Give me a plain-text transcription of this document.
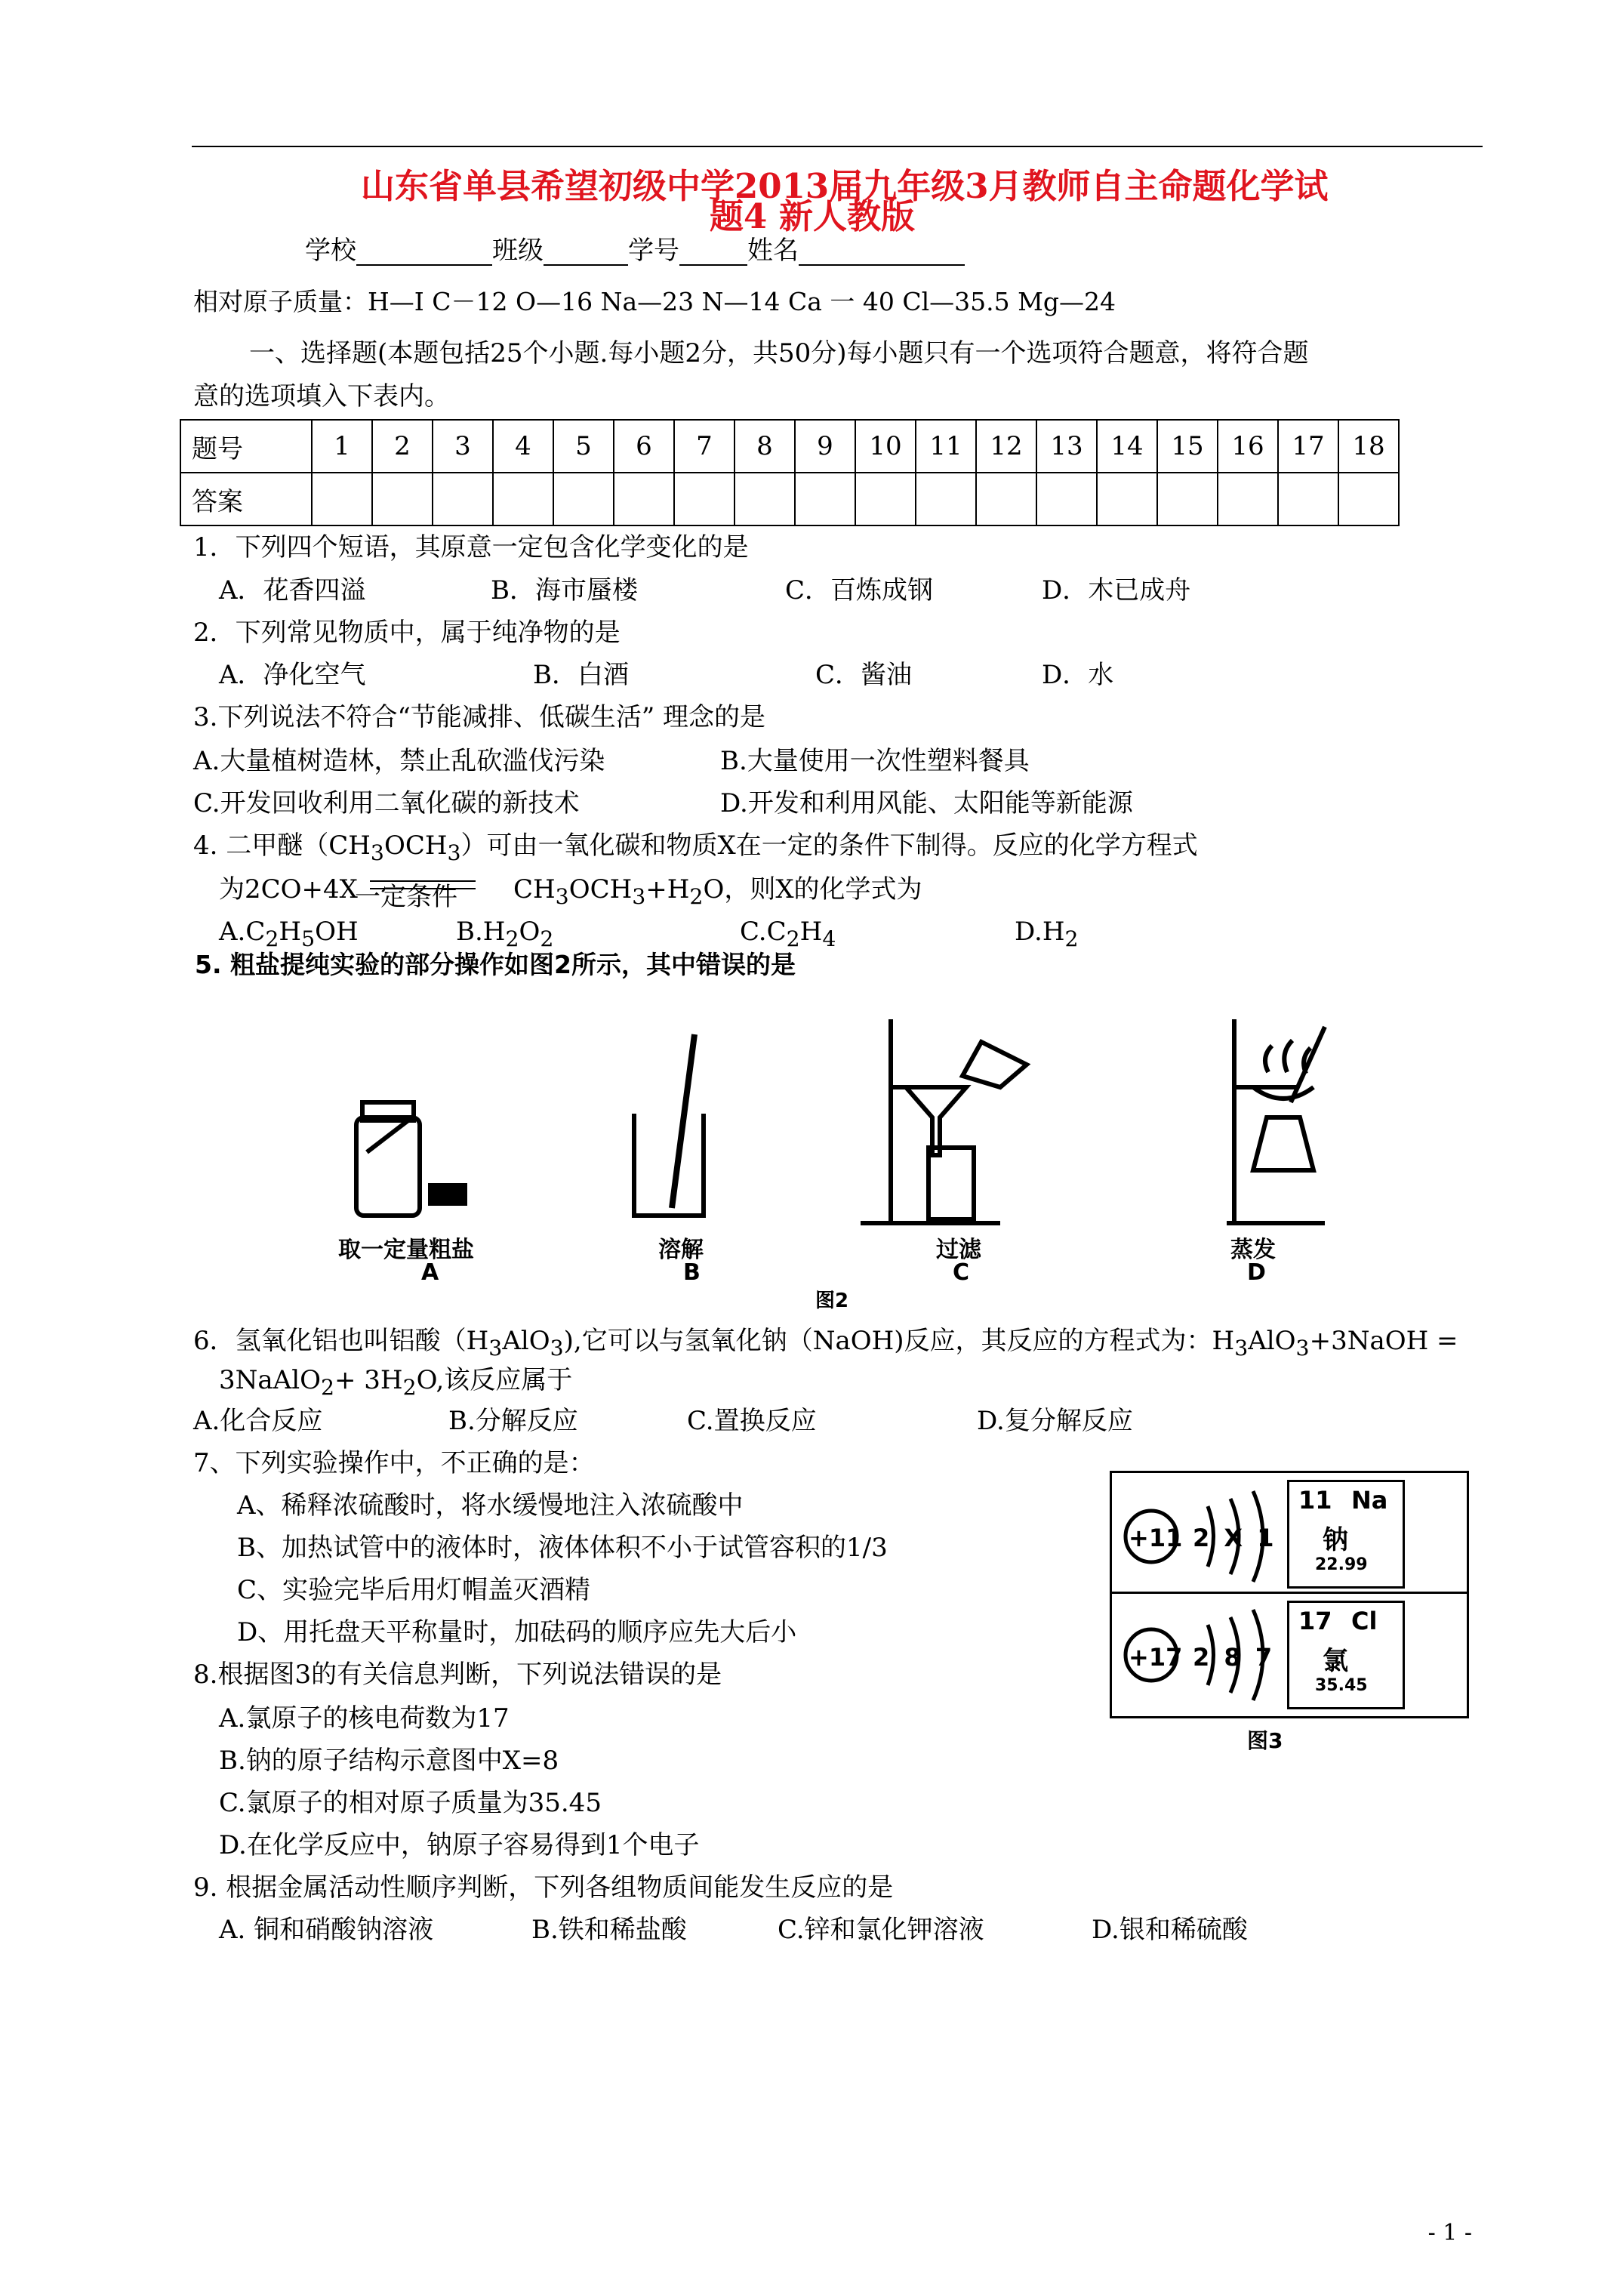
山东省单县希望初级中学2013届九年级3月教师自主命题化学试
题4 新人教版
学校	班级	学号	姓名
相对原子质量：H—I C－12 O—16 Na—23 N—14 Ca 一 40 Cl—35.5 Mg—24
一、选择题(本题包括25个小题.每小题2分，共50分)每小题只有一个选项符合题意，将符合题
意的选项填入下表内。
题号	1	2	3	4	5	6	7	8	9	10	11	12	13	14	15	16	17	18
答案																		
1．下列四个短语，其原意一定包含化学变化的是
A．花香四溢	B．海市蜃楼	C．百炼成钢	D．木已成舟
2．下列常见物质中，属于纯净物的是
A．净化空气	B．白酒	C．酱油	D．水
3.下列说法不符合“节能减排、低碳生活” 理念的是
A.大量植树造林，禁止乱砍滥伐污染	B.大量使用一次性塑料餐具
C.开发回收利用二氧化碳的新技术	D.开发和利用风能、太阳能等新能源
4. 二甲醚$(CH_3OCH_3)$可由一氧化碳和物质X在一定的条件下制得。反应的化学方程式
为2CO+4X
一定条件 $CH_3OCH_3+H_2O$，则X的化学式为
$A.C_2H_5OH$	$B.H_2O_2$	$C.C_2H_4$	$D.H_2$
5. 粗盐提纯实验的部分操作如图2所示，其中错误的是
取一定量粗盐
A
溶解
B
过滤
C
蒸发
D
图2
6．氢氧化铝也叫铝酸$(H_3AlO_3)$,它可以与氢氧化钠（NaOH)反应，其反应的方程式为：$H_3AlO_3+3NaOH$ =
3NaAlO$_2$+ $3H_2O$,该反应属于
A.化合反应	B.分解反应	C.置换反应	D.复分解反应
7、下列实验操作中，不正确的是：
A、稀释浓硫酸时，将水缓慢地注入浓硫酸中
B、加热试管中的液体时，液体体积不小于试管容积的1/3
C、实验完毕后用灯帽盖灭酒精
D、用托盘天平称量时，加砝码的顺序应先大后小
+11 2 X 1
+17 2 8 7
11 Na
钠
22.99
17 Cl
氯
35.45
图3
8.根据图3的有关信息判断，下列说法错误的是
A.氯原子的核电荷数为17
B.钠的原子结构示意图中X=8
C.氯原子的相对原子质量为35.45
D.在化学反应中，钠原子容易得到1个电子
9. 根据金属活动性顺序判断，下列各组物质间能发生反应的是
A. 铜和硝酸钠溶液	B.铁和稀盐酸	C.锌和氯化钾溶液	D.银和稀硫酸
- 1 -
